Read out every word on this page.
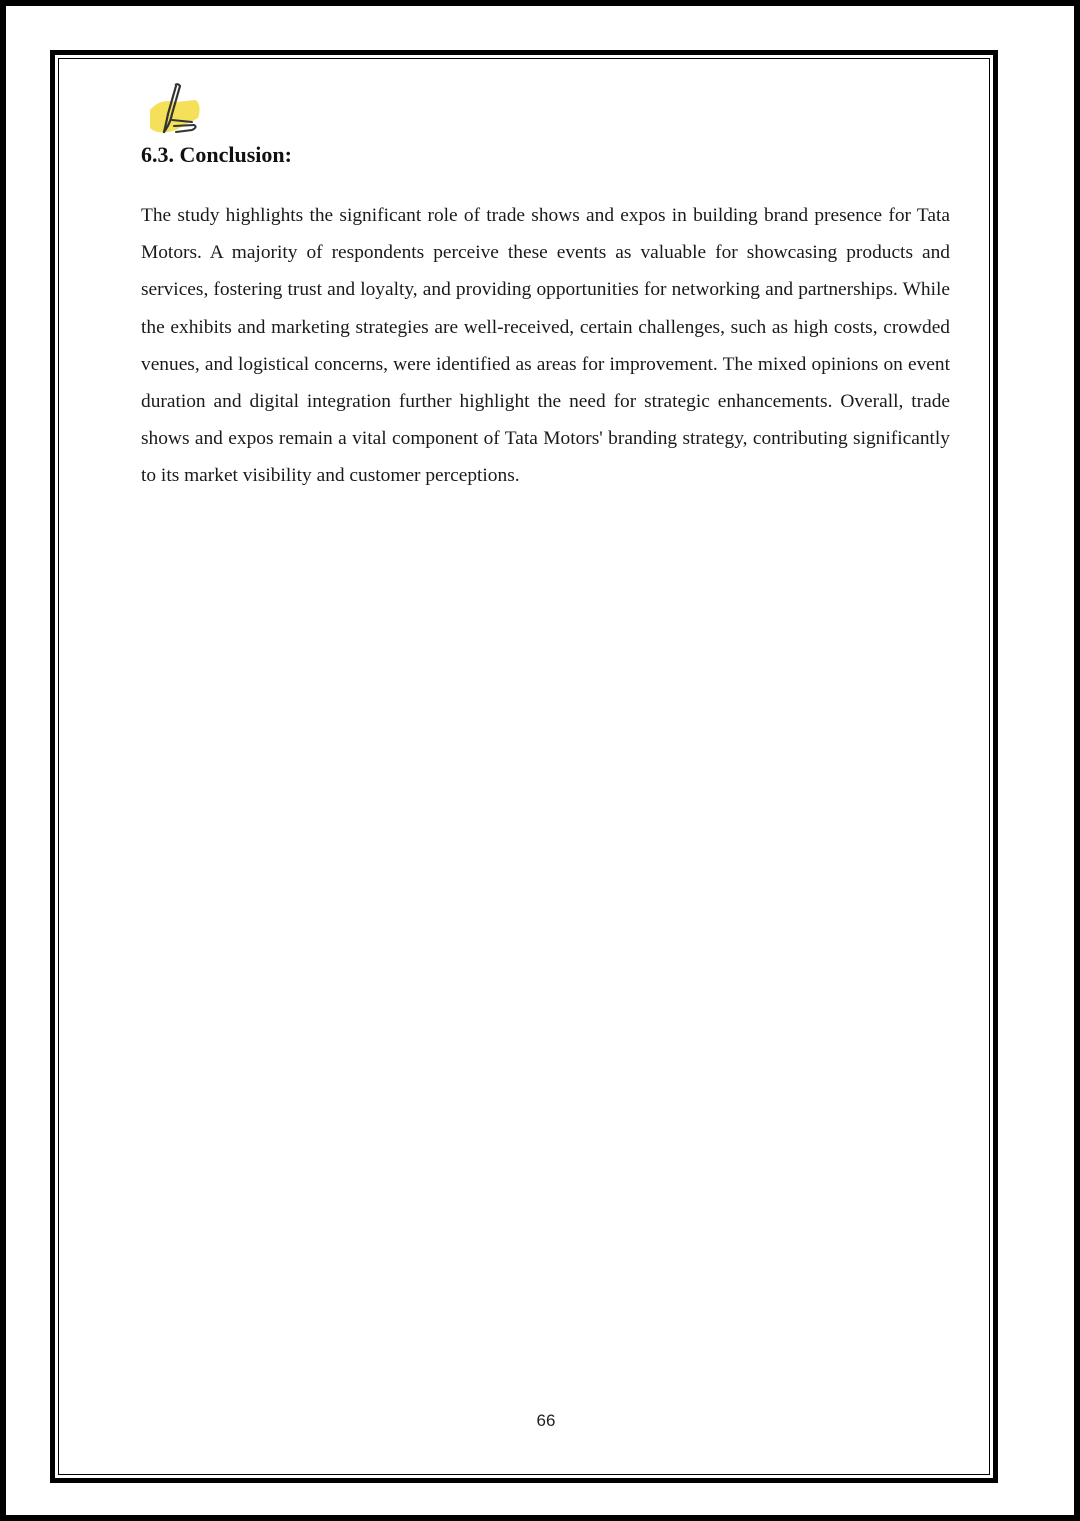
6.3. Conclusion:

The study highlights the significant role of trade shows and expos in building brand presence for Tata Motors. A majority of respondents perceive these events as valuable for showcasing products and services, fostering trust and loyalty, and providing opportunities for networking and partnerships. While the exhibits and marketing strategies are well-received, certain challenges, such as high costs, crowded venues, and logistical concerns, were identified as areas for improvement. The mixed opinions on event duration and digital integration further highlight the need for strategic enhancements. Overall, trade shows and expos remain a vital component of Tata Motors' branding strategy, contributing significantly to its market visibility and customer perceptions.

66
